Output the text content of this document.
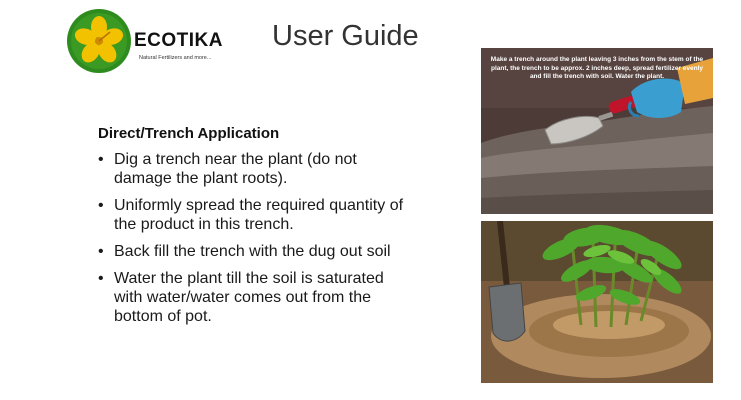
ECOTIKA
Natural Fertilizers and more...
User Guide
Direct/Trench Application
• Dig a trench near the plant (do not damage the plant roots).
• Uniformly spread the required quantity of the product in this trench.
• Back fill the trench with the dug out soil
• Water the plant till the soil is saturated with water/water comes out from the bottom of pot.
Make a trench around the plant leaving 3 inches from the stem of the plant, the trench to be approx. 2 inches deep, spread fertilizer evenly and fill the trench with soil. Water the plant.
